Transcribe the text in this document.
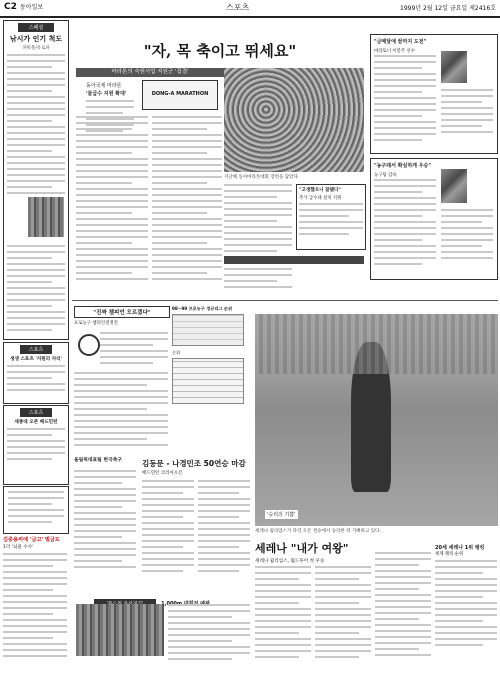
C2 동아일보	스포츠	1999년 2월 12일 금요일 제2416호
스페셜
낚시가 인기 척도
파워볼/유로파
스포츠
생생 스포츠 '지원의 자리'
스포츠
세종대 오픈 배드민턴
김중용씨에 '금고' 벌금도
1억 '뇌물 수수'
"자, 목 축이고 뛰세요"
마라톤의 숙원사업 지원군 '집결'
동아국제 마라톤
'물급수 지원 확대'	DONG-A MARATHON
지난해 동아마라톤대회 장면을 담았다.
"고생했으니 잘됐다"
추가 급수대 설치 지원
"금메달에 끝까지 도전"
마라토너 이봉주 선수
"농구돼서 확실하게 우승"
농구팀 감독
"진짜 챔피언 오르겠다"
프로농구 챔피언결정전
98~99 프로농구 정규리그 순위
순위
올림픽대표팀 한국축구	김동문 - 나경민조 50연승 마감
배드민턴 코리아오픈
'승리의 기쁨'
세레나 윌리엄스가 파리 오픈 결승에서 승리한 뒤 기뻐하고 있다.
세레나 "내가 여왕"
세레나 윌리엄스, 월드투어 첫 우승
20세 세레나 1위 랭킹
세계 랭킹 순위
